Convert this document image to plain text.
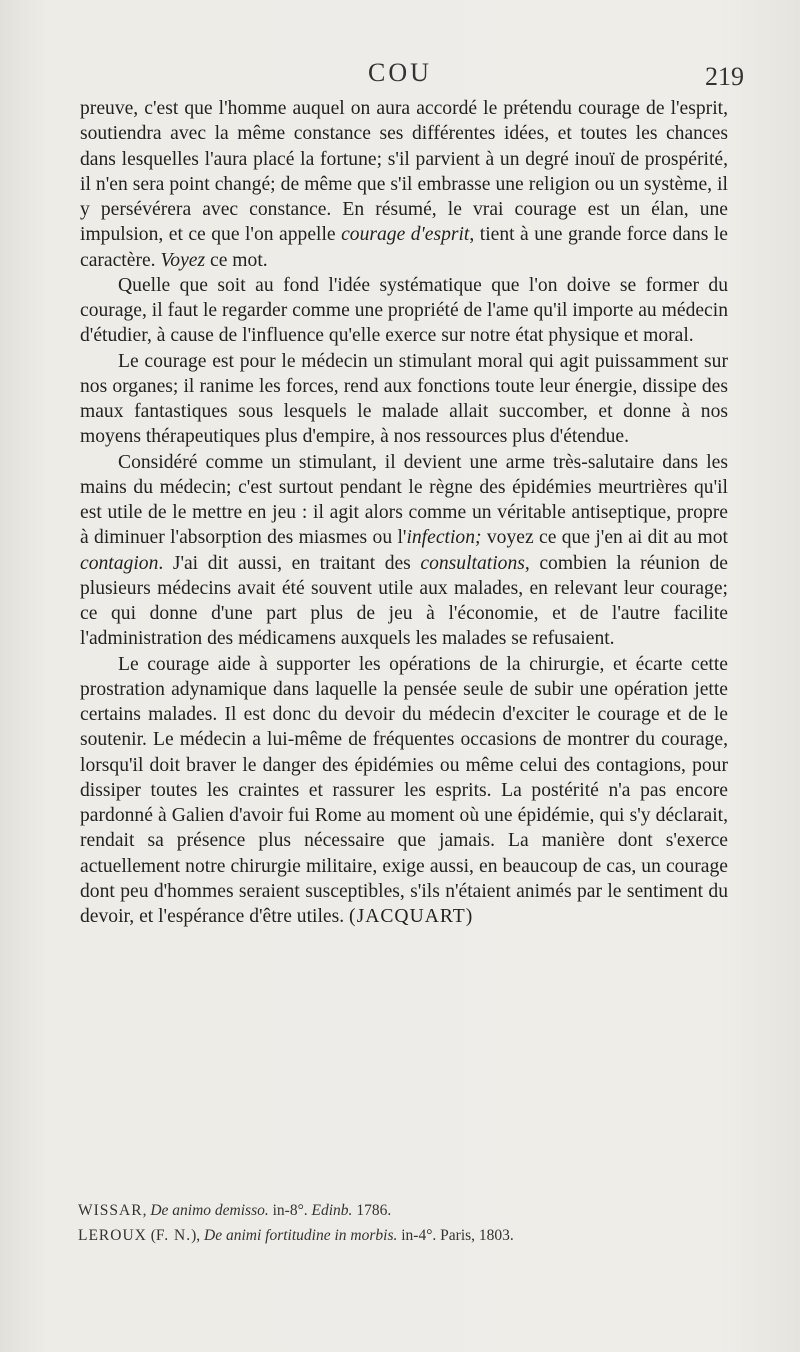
COU	219

preuve, c'est que l'homme auquel on aura accordé le prétendu courage de l'esprit, soutiendra avec la même constance ses différentes idées, et toutes les chances dans lesquelles l'aura placé la fortune; s'il parvient à un degré inouï de prospérité, il n'en sera point changé; de même que s'il embrasse une religion ou un système, il y persévérera avec constance. En résumé, le vrai courage est un élan, une impulsion, et ce que l'on appelle courage d'esprit, tient à une grande force dans le caractère. Voyez ce mot.

Quelle que soit au fond l'idée systématique que l'on doive se former du courage, il faut le regarder comme une propriété de l'ame qu'il importe au médecin d'étudier, à cause de l'influence qu'elle exerce sur notre état physique et moral.

Le courage est pour le médecin un stimulant moral qui agit puissamment sur nos organes; il ranime les forces, rend aux fonctions toute leur énergie, dissipe des maux fantastiques sous lesquels le malade allait succomber, et donne à nos moyens thérapeutiques plus d'empire, à nos ressources plus d'étendue.

Considéré comme un stimulant, il devient une arme très-salutaire dans les mains du médecin; c'est surtout pendant le règne des épidémies meurtrières qu'il est utile de le mettre en jeu : il agit alors comme un véritable antiseptique, propre à diminuer l'absorption des miasmes ou l'infection; voyez ce que j'en ai dit au mot contagion. J'ai dit aussi, en traitant des consultations, combien la réunion de plusieurs médecins avait été souvent utile aux malades, en relevant leur courage; ce qui donne d'une part plus de jeu à l'économie, et de l'autre facilite l'administration des médicamens auxquels les malades se refusaient.

Le courage aide à supporter les opérations de la chirurgie, et écarte cette prostration adynamique dans laquelle la pensée seule de subir une opération jette certains malades. Il est donc du devoir du médecin d'exciter le courage et de le soutenir. Le médecin a lui-même de fréquentes occasions de montrer du courage, lorsqu'il doit braver le danger des épidémies ou même celui des contagions, pour dissiper toutes les craintes et rassurer les esprits. La postérité n'a pas encore pardonné à Galien d'avoir fui Rome au moment où une épidémie, qui s'y déclarait, rendait sa présence plus nécessaire que jamais. La manière dont s'exerce actuellement notre chirurgie militaire, exige aussi, en beaucoup de cas, un courage dont peu d'hommes seraient susceptibles, s'ils n'étaient animés par le sentiment du devoir, et l'espérance d'être utiles. (JACQUART)

WISSAR, De animo demisso. in-8°. Edinb. 1786.
LEROUX (F. N.), De animi fortitudine in morbis. in-4°. Paris, 1803.
